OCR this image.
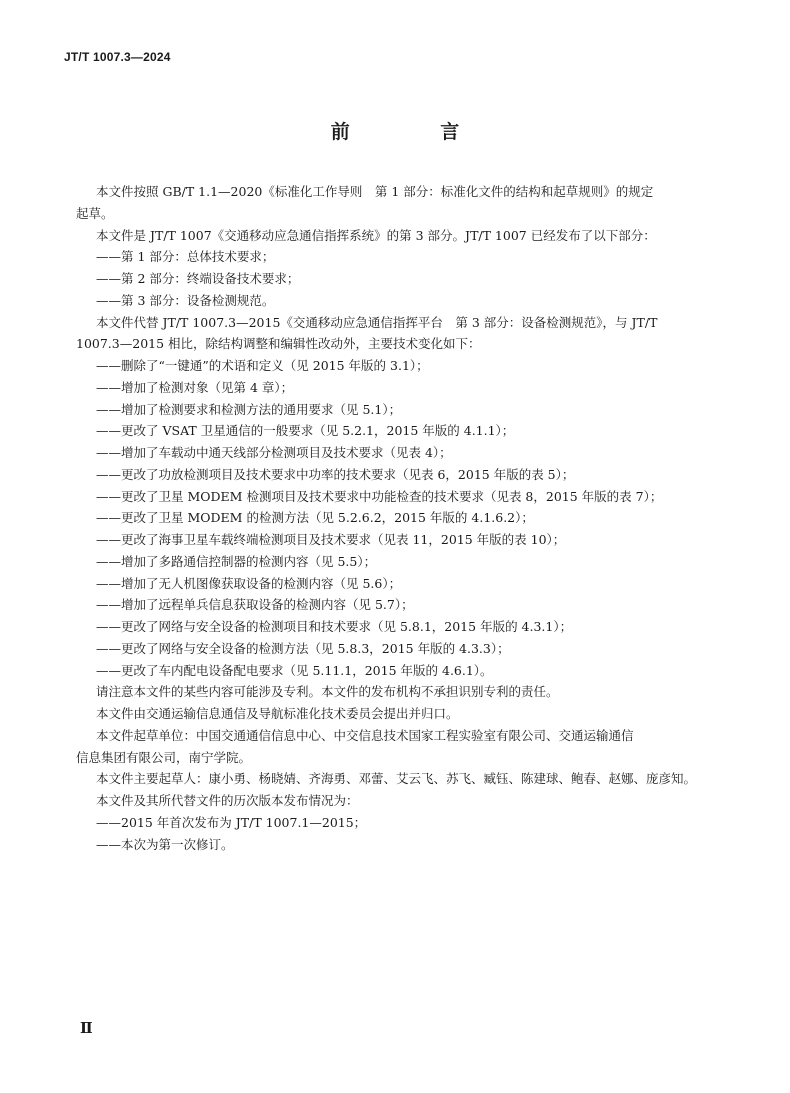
JT/T 1007.3—2024
前 言
本文件按照 GB/T 1.1—2020《标准化工作导则　第 1 部分：标准化文件的结构和起草规则》的规定
起草。
本文件是 JT/T 1007《交通移动应急通信指挥系统》的第 3 部分。JT/T 1007 已经发布了以下部分：
——第 1 部分：总体技术要求；
——第 2 部分：终端设备技术要求；
——第 3 部分：设备检测规范。
本文件代替 JT/T 1007.3—2015《交通移动应急通信指挥平台　第 3 部分：设备检测规范》，与 JT/T
1007.3—2015 相比，除结构调整和编辑性改动外，主要技术变化如下：
——删除了“一键通”的术语和定义（见 2015 年版的 3.1）；
——增加了检测对象（见第 4 章）；
——增加了检测要求和检测方法的通用要求（见 5.1）；
——更改了 VSAT 卫星通信的一般要求（见 5.2.1，2015 年版的 4.1.1）；
——增加了车载动中通天线部分检测项目及技术要求（见表 4）；
——更改了功放检测项目及技术要求中功率的技术要求（见表 6，2015 年版的表 5）；
——更改了卫星 MODEM 检测项目及技术要求中功能检查的技术要求（见表 8，2015 年版的表 7）；
——更改了卫星 MODEM 的检测方法（见 5.2.6.2，2015 年版的 4.1.6.2）；
——更改了海事卫星车载终端检测项目及技术要求（见表 11，2015 年版的表 10）；
——增加了多路通信控制器的检测内容（见 5.5）；
——增加了无人机图像获取设备的检测内容（见 5.6）；
——增加了远程单兵信息获取设备的检测内容（见 5.7）；
——更改了网络与安全设备的检测项目和技术要求（见 5.8.1，2015 年版的 4.3.1）；
——更改了网络与安全设备的检测方法（见 5.8.3，2015 年版的 4.3.3）；
——更改了车内配电设备配电要求（见 5.11.1，2015 年版的 4.6.1）。
请注意本文件的某些内容可能涉及专利。本文件的发布机构不承担识别专利的责任。
本文件由交通运输信息通信及导航标准化技术委员会提出并归口。
本文件起草单位：中国交通通信信息中心、中交信息技术国家工程实验室有限公司、交通运输通信
信息集团有限公司，南宁学院。
本文件主要起草人：康小勇、杨晓婧、齐海勇、邓蕾、艾云飞、苏飞、臧钰、陈建球、鲍春、赵娜、庞彦知。
本文件及其所代替文件的历次版本发布情况为：
——2015 年首次发布为 JT/T 1007.1—2015；
——本次为第一次修订。
Ⅱ
